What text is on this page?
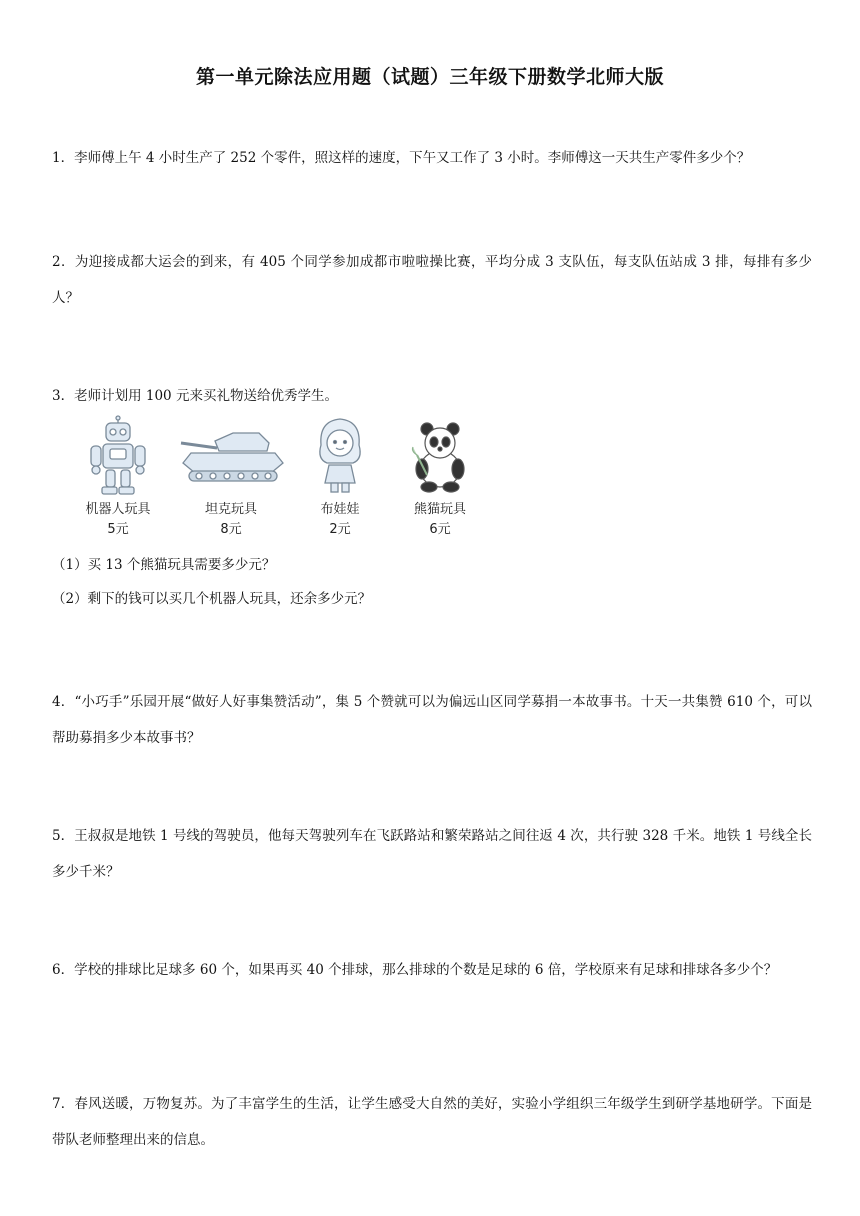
第一单元除法应用题（试题）三年级下册数学北师大版
1．李师傅上午 4 小时生产了 252 个零件，照这样的速度，下午又工作了 3 小时。李师傅这一天共生产零件多少个？
2．为迎接成都大运会的到来，有 405 个同学参加成都市啦啦操比赛，平均分成 3 支队伍，每支队伍站成 3 排，每排有多少人？
3．老师计划用 100 元来买礼物送给优秀学生。
机器人玩具
5元
坦克玩具
8元
布娃娃
2元
熊猫玩具
6元
（1）买 13 个熊猫玩具需要多少元？
（2）剩下的钱可以买几个机器人玩具，还余多少元？
4．“小巧手”乐园开展“做好人好事集赞活动”，集 5 个赞就可以为偏远山区同学募捐一本故事书。十天一共集赞 610 个，可以帮助募捐多少本故事书？
5．王叔叔是地铁 1 号线的驾驶员，他每天驾驶列车在飞跃路站和繁荣路站之间往返 4 次，共行驶 328 千米。地铁 1 号线全长多少千米？
6．学校的排球比足球多 60 个，如果再买 40 个排球，那么排球的个数是足球的 6 倍，学校原来有足球和排球各多少个？
7．春风送暖，万物复苏。为了丰富学生的生活，让学生感受大自然的美好，实验小学组织三年级学生到研学基地研学。下面是带队老师整理出来的信息。
